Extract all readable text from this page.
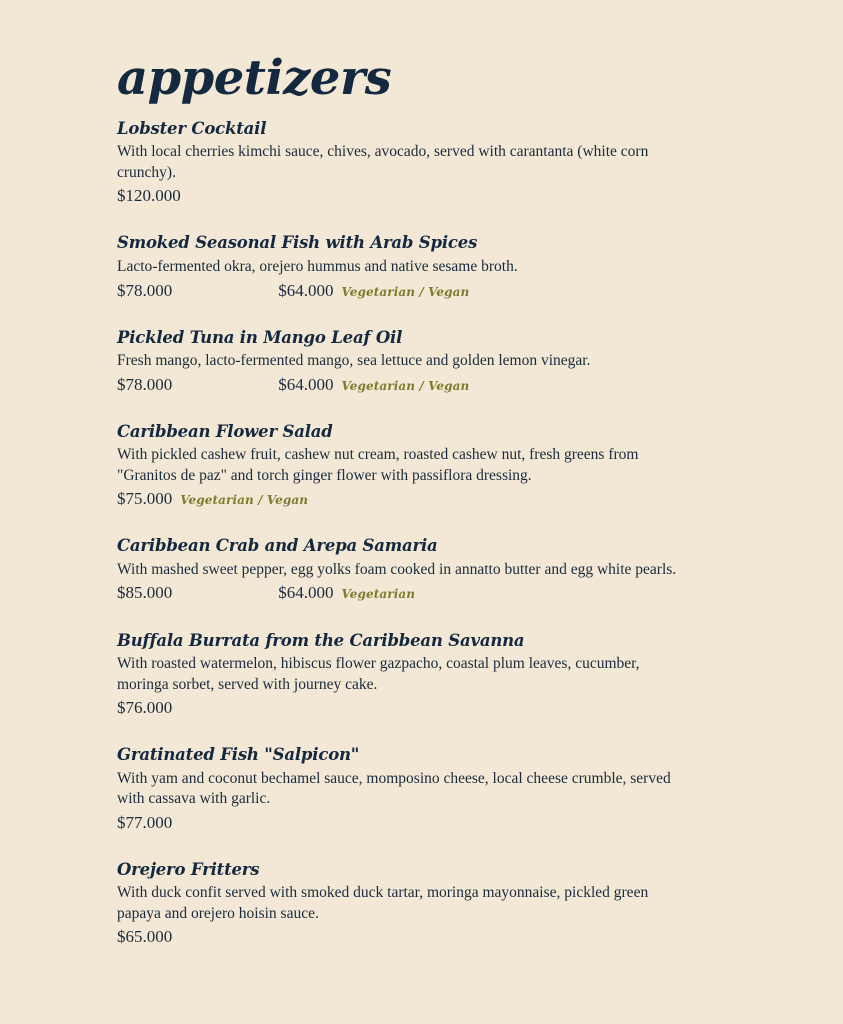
appetizers
Lobster Cocktail
With local cherries kimchi sauce, chives, avocado, served with carantanta (white corn crunchy).
$120.000
Smoked Seasonal Fish with Arab Spices
Lacto-fermented okra, orejero hummus and native sesame broth.
$78.000	$64.000 Vegetarian / Vegan
Pickled Tuna in Mango Leaf Oil
Fresh mango, lacto-fermented mango, sea lettuce and golden lemon vinegar.
$78.000	$64.000 Vegetarian / Vegan
Caribbean Flower Salad
With pickled cashew fruit, cashew nut cream, roasted cashew nut, fresh greens from "Granitos de paz" and torch ginger flower with passiflora dressing.
$75.000 Vegetarian / Vegan
Caribbean Crab and Arepa Samaria
With mashed sweet pepper, egg yolks foam cooked in annatto butter and egg white pearls.
$85.000	$64.000 Vegetarian
Buffala Burrata from the Caribbean Savanna
With roasted watermelon, hibiscus flower gazpacho, coastal plum leaves, cucumber, moringa sorbet, served with journey cake.
$76.000
Gratinated Fish "Salpicon"
With yam and coconut bechamel sauce, momposino cheese, local cheese crumble, served with cassava with garlic.
$77.000
Orejero Fritters
With duck confit served with smoked duck tartar, moringa mayonnaise, pickled green papaya and orejero hoisin sauce.
$65.000
